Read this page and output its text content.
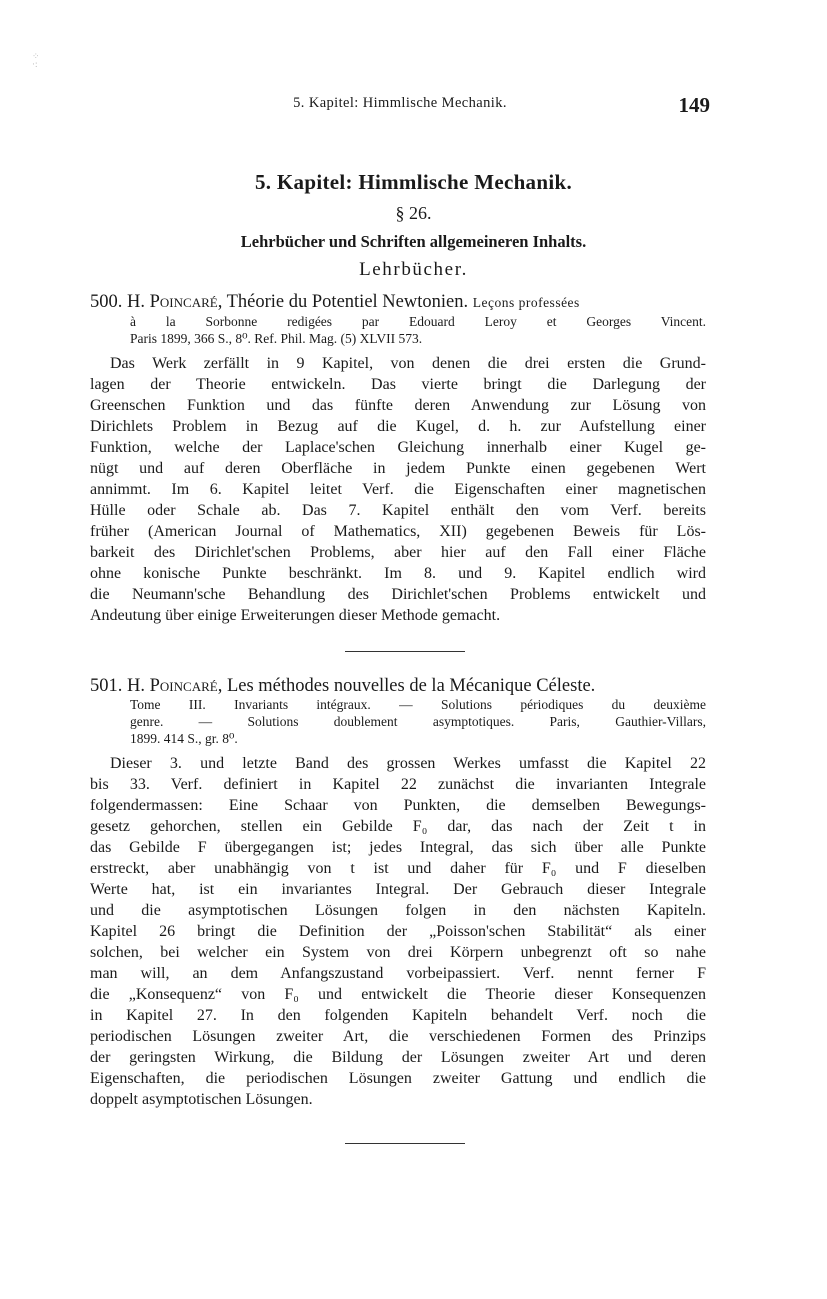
⁘
·:
5. Kapitel: Himmlische Mechanik.	149
5. Kapitel: Himmlische Mechanik.
§ 26.
Lehrbücher und Schriften allgemeineren Inhalts.
Lehrbücher.

500. H. Poincaré, Théorie du Potentiel Newtonien. Leçons professées

à la Sorbonne redigées par Edouard Leroy et Georges Vincent.
Paris 1899, 366 S., 8⁰. Ref. Phil. Mag. (5) XLVII 573.
Das Werk zerfällt in 9 Kapitel, von denen die drei ersten die Grund-
lagen der Theorie entwickeln. Das vierte bringt die Darlegung der
Greenschen Funktion und das fünfte deren Anwendung zur Lösung von
Dirichlets Problem in Bezug auf die Kugel, d. h. zur Aufstellung einer
Funktion, welche der Laplace'schen Gleichung innerhalb einer Kugel ge-
nügt und auf deren Oberfläche in jedem Punkte einen gegebenen Wert
annimmt. Im 6. Kapitel leitet Verf. die Eigenschaften einer magnetischen
Hülle oder Schale ab. Das 7. Kapitel enthält den vom Verf. bereits
früher (American Journal of Mathematics, XII) gegebenen Beweis für Lös-
barkeit des Dirichlet'schen Problems, aber hier auf den Fall einer Fläche
ohne konische Punkte beschränkt. Im 8. und 9. Kapitel endlich wird
die Neumann'sche Behandlung des Dirichlet'schen Problems entwickelt und
Andeutung über einige Erweiterungen dieser Methode gemacht.

501. H. Poincaré, Les méthodes nouvelles de la Mécanique Céleste.

Tome III. Invariants intégraux. — Solutions périodiques du deuxième
genre. — Solutions doublement asymptotiques. Paris, Gauthier-Villars,
1899. 414 S., gr. 8⁰.
Dieser 3. und letzte Band des grossen Werkes umfasst die Kapitel 22
bis 33. Verf. definiert in Kapitel 22 zunächst die invarianten Integrale
folgendermassen: Eine Schaar von Punkten, die demselben Bewegungs-
gesetz gehorchen, stellen ein Gebilde F₀ dar, das nach der Zeit t in
das Gebilde F übergegangen ist; jedes Integral, das sich über alle Punkte
erstreckt, aber unabhängig von t ist und daher für F₀ und F dieselben
Werte hat, ist ein invariantes Integral. Der Gebrauch dieser Integrale
und die asymptotischen Lösungen folgen in den nächsten Kapiteln.
Kapitel 26 bringt die Definition der „Poisson'schen Stabilität“ als einer
solchen, bei welcher ein System von drei Körpern unbegrenzt oft so nahe
man will, an dem Anfangszustand vorbeipassiert. Verf. nennt ferner F
die „Konsequenz“ von F₀ und entwickelt die Theorie dieser Konsequenzen
in Kapitel 27. In den folgenden Kapiteln behandelt Verf. noch die
periodischen Lösungen zweiter Art, die verschiedenen Formen des Prinzips
der geringsten Wirkung, die Bildung der Lösungen zweiter Art und deren
Eigenschaften, die periodischen Lösungen zweiter Gattung und endlich die
doppelt asymptotischen Lösungen.
